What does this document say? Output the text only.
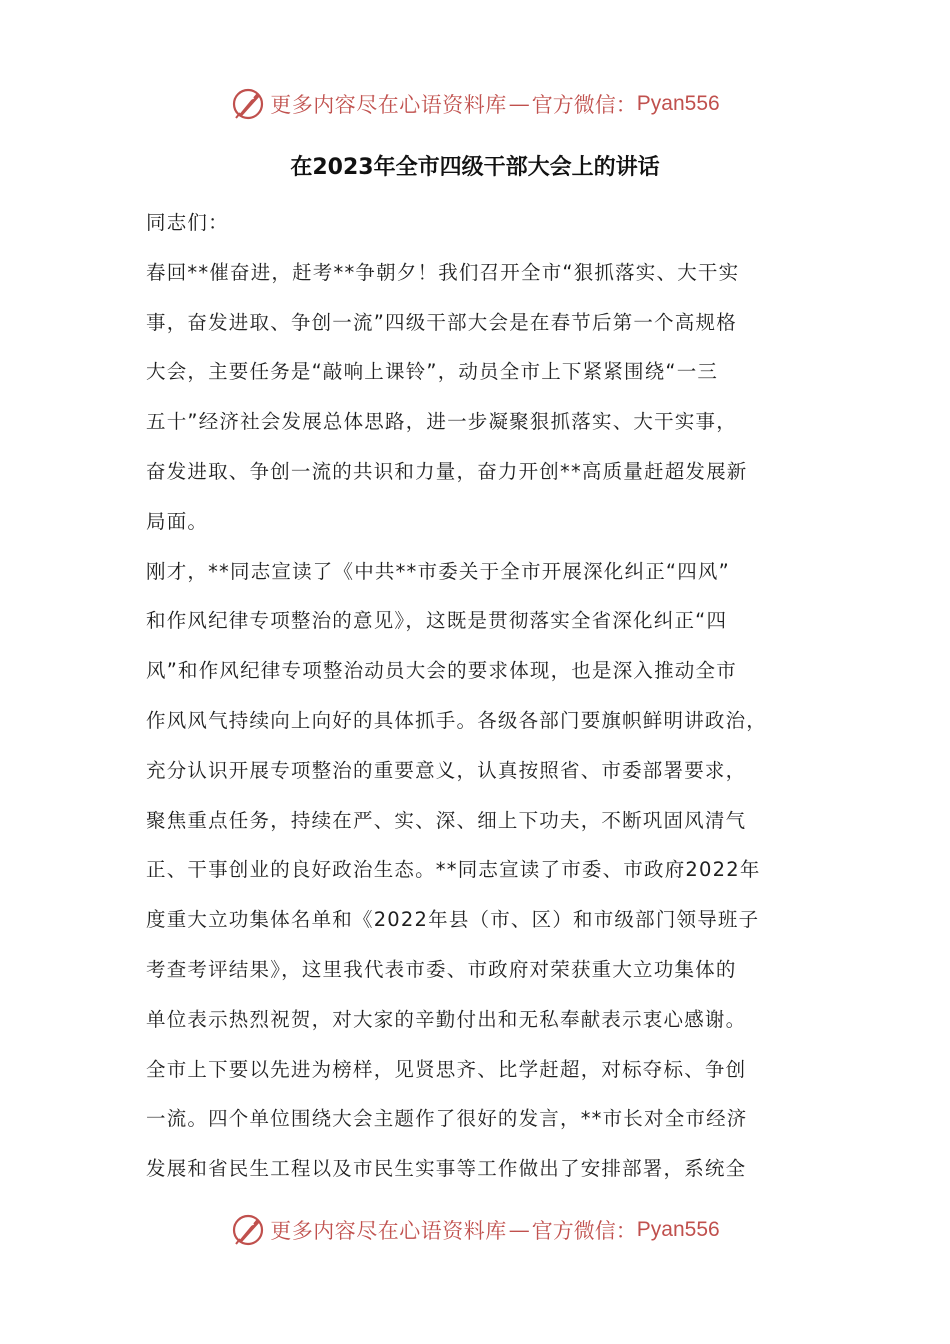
更多内容尽在心语资料库 — 官方微信： Pyan556
在2023年全市四级干部大会上的讲话
同志们：
春回**催奋进，赶考**争朝夕！我们召开全市“狠抓落实、大干实
事，奋发进取、争创一流”四级干部大会是在春节后第一个高规格
大会，主要任务是“敲响上课铃”，动员全市上下紧紧围绕“一三
五十”经济社会发展总体思路，进一步凝聚狠抓落实、大干实事，
奋发进取、争创一流的共识和力量，奋力开创**高质量赶超发展新
局面。
刚才，**同志宣读了《中共**市委关于全市开展深化纠正“四风”
和作风纪律专项整治的意见》，这既是贯彻落实全省深化纠正“四
风”和作风纪律专项整治动员大会的要求体现，也是深入推动全市
作风风气持续向上向好的具体抓手。各级各部门要旗帜鲜明讲政治，
充分认识开展专项整治的重要意义，认真按照省、市委部署要求，
聚焦重点任务，持续在严、实、深、细上下功夫，不断巩固风清气
正、干事创业的良好政治生态。**同志宣读了市委、市政府2022年
度重大立功集体名单和《2022年县（市、区）和市级部门领导班子
考查考评结果》，这里我代表市委、市政府对荣获重大立功集体的
单位表示热烈祝贺，对大家的辛勤付出和无私奉献表示衷心感谢。
全市上下要以先进为榜样，见贤思齐、比学赶超，对标夺标、争创
一流。四个单位围绕大会主题作了很好的发言，**市长对全市经济
发展和省民生工程以及市民生实事等工作做出了安排部署，系统全
更多内容尽在心语资料库 — 官方微信： Pyan556
